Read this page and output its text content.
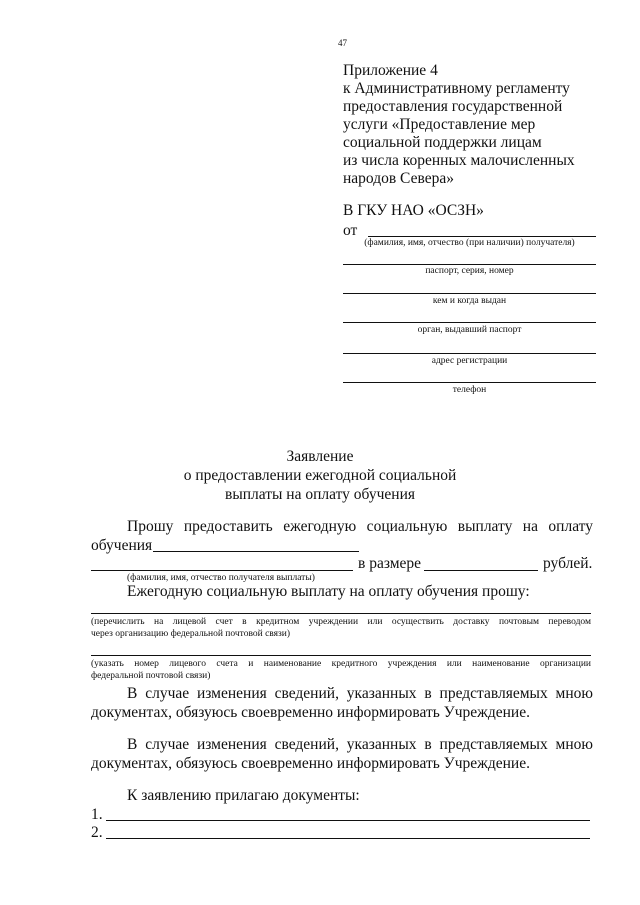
47
Приложение 4
к Административному регламенту
предоставления государственной
услуги «Предоставление мер
социальной поддержки лицам
из числа коренных малочисленных
народов Севера»
В ГКУ НАО «ОСЗН»
от
(фамилия, имя, отчество (при наличии) получателя)
паспорт, серия, номер
кем и когда выдан
орган, выдавший паспорт
адрес регистрации
телефон
Заявление
о предоставлении ежегодной социальной
выплаты на оплату обучения
Прошу предоставить ежегодную социальную выплату на оплату
обучения
в размере	рублей.
(фамилия, имя, отчество получателя выплаты)
Ежегодную социальную выплату на оплату обучения прошу:
(перечислить на лицевой счет в кредитном учреждении или осуществить доставку почтовым переводом
через организацию федеральной почтовой связи)
(указать номер лицевого счета и наименование кредитного учреждения или наименование организации
федеральной почтовой связи)
В случае изменения сведений, указанных в представляемых мною
документах, обязуюсь своевременно информировать Учреждение.
В случае изменения сведений, указанных в представляемых мною
документах, обязуюсь своевременно информировать Учреждение.
К заявлению прилагаю документы:
1.
2.
